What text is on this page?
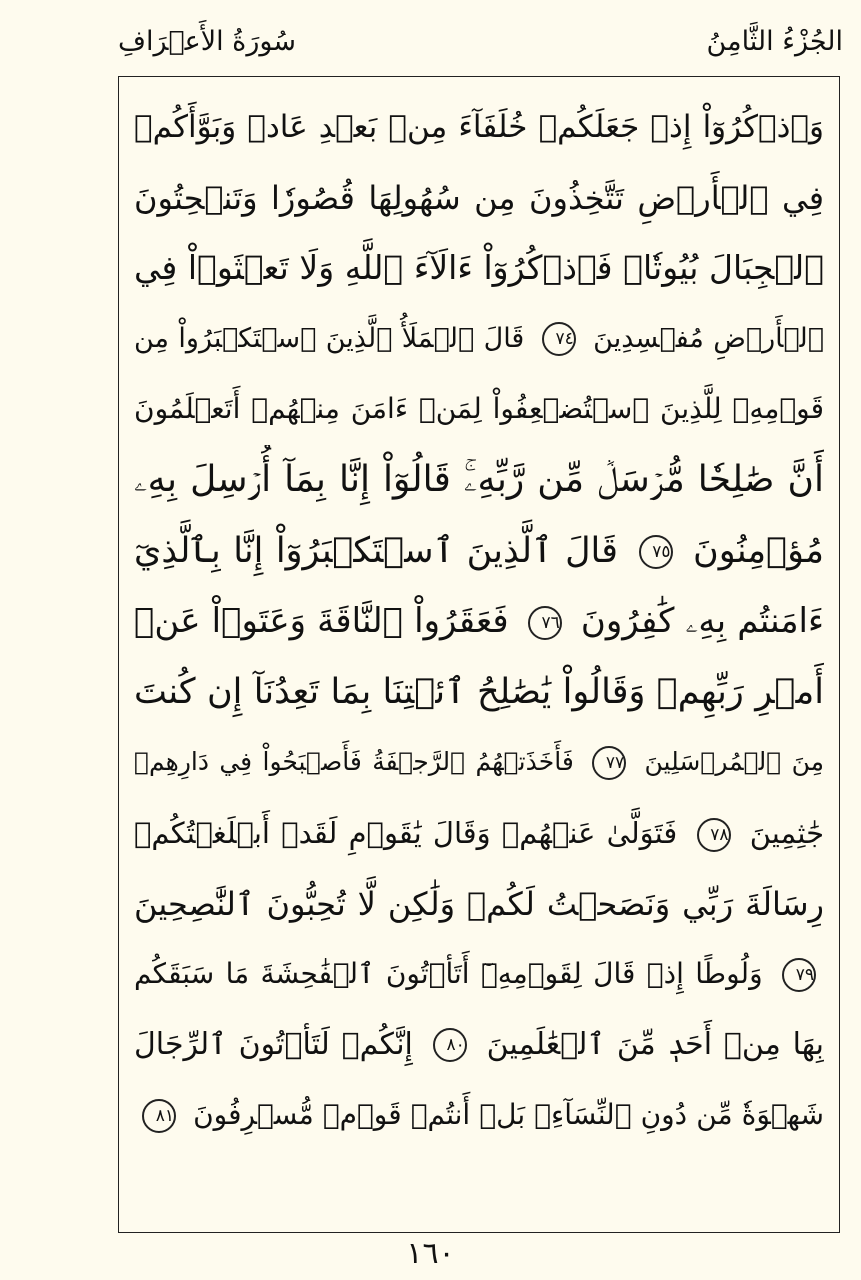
الجُزْءُ الثَّامِنُ
سُورَةُ الأَعۡرَافِ
وَٱذۡكُرُوٓاْ إِذۡ جَعَلَكُمۡ خُلَفَآءَ مِنۢ بَعۡدِ عَادٖ وَبَوَّأَكُمۡ
فِي ٱلۡأَرۡضِ تَتَّخِذُونَ مِن سُهُولِهَا قُصُورٗا وَتَنۡحِتُونَ
ٱلۡجِبَالَ بُيُوتٗاۖ فَٱذۡكُرُوٓاْ ءَالَآءَ ٱللَّهِ وَلَا تَعۡثَوۡاْ فِي
ٱلۡأَرۡضِ مُفۡسِدِينَ ٧٤ قَالَ ٱلۡمَلَأُ ٱلَّذِينَ ٱسۡتَكۡبَرُواْ مِن
قَوۡمِهِۦ لِلَّذِينَ ٱسۡتُضۡعِفُواْ لِمَنۡ ءَامَنَ مِنۡهُمۡ أَتَعۡلَمُونَ
أَنَّ صَٰلِحٗا مُّرۡسَلٞ مِّن رَّبِّهِۦۚ قَالُوٓاْ إِنَّا بِمَآ أُرۡسِلَ بِهِۦ
مُؤۡمِنُونَ ٧٥ قَالَ ٱلَّذِينَ ٱسۡتَكۡبَرُوٓاْ إِنَّا بِٱلَّذِيٓ
ءَامَنتُم بِهِۦ كَٰفِرُونَ ٧٦ فَعَقَرُواْ ٱلنَّاقَةَ وَعَتَوۡاْ عَنۡ
أَمۡرِ رَبِّهِمۡ وَقَالُواْ يَٰصَٰلِحُ ٱئۡتِنَا بِمَا تَعِدُنَآ إِن كُنتَ
مِنَ ٱلۡمُرۡسَلِينَ ٧٧ فَأَخَذَتۡهُمُ ٱلرَّجۡفَةُ فَأَصۡبَحُواْ فِي دَارِهِمۡ
جَٰثِمِينَ ٧٨ فَتَوَلَّىٰ عَنۡهُمۡ وَقَالَ يَٰقَوۡمِ لَقَدۡ أَبۡلَغۡتُكُمۡ
رِسَالَةَ رَبِّي وَنَصَحۡتُ لَكُمۡ وَلَٰكِن لَّا تُحِبُّونَ ٱلنَّٰصِحِينَ
٧٩ وَلُوطًا إِذۡ قَالَ لِقَوۡمِهِۦٓ أَتَأۡتُونَ ٱلۡفَٰحِشَةَ مَا سَبَقَكُم
بِهَا مِنۡ أَحَدٖ مِّنَ ٱلۡعَٰلَمِينَ ٨٠ إِنَّكُمۡ لَتَأۡتُونَ ٱلرِّجَالَ
شَهۡوَةٗ مِّن دُونِ ٱلنِّسَآءِۚ بَلۡ أَنتُمۡ قَوۡمٞ مُّسۡرِفُونَ ٨١
١٦٠
